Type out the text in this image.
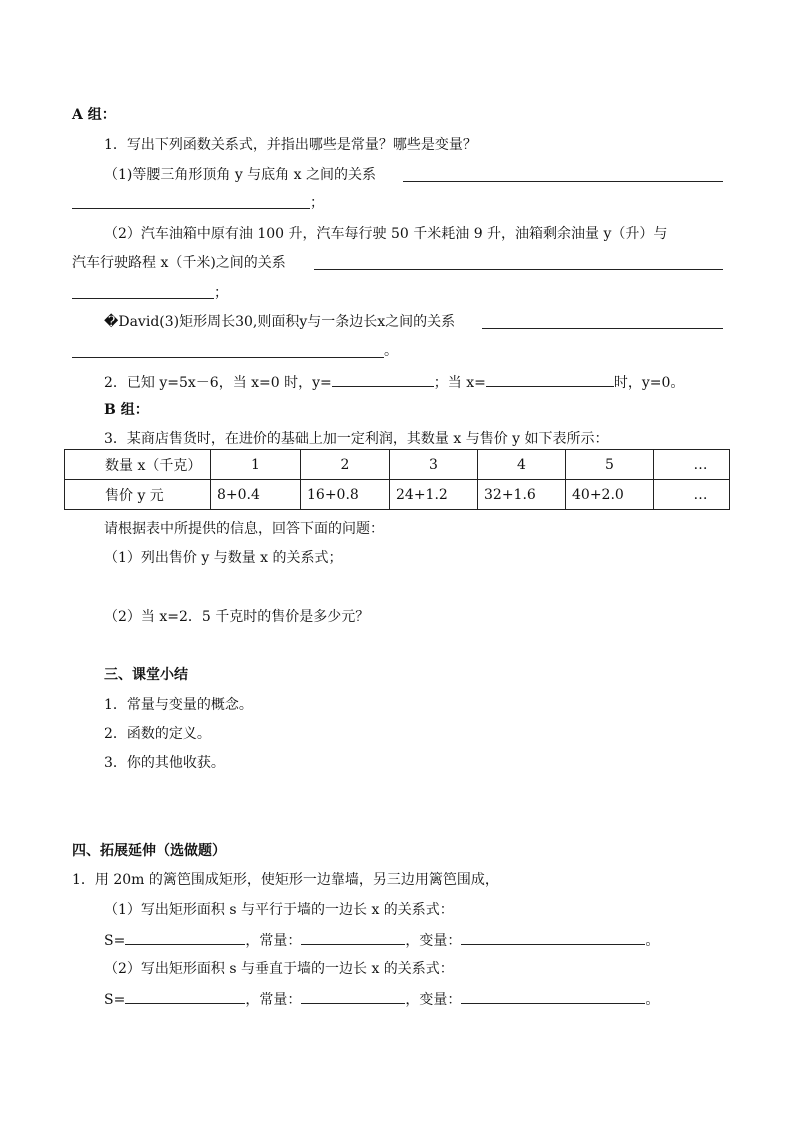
A 组：
1．写出下列函数关系式，并指出哪些是常量？哪些是变量？
（1)等腰三角形顶角 y 与底角 x 之间的关系
；
（2）汽车油箱中原有油 100 升，汽车每行驶 50 千米耗油 9 升，油箱剩余油量 y（升）与
汽车行驶路程 x（千米)之间的关系
；
�David(3)矩形周长30,则面积y与一条边长x之间的关系
。
2．已知 y=5x－6，当 x=0 时，y=	；当 x=	时，y=0。
B 组：
3．某商店售货时，在进价的基础上加一定利润，其数量 x 与售价 y 如下表所示：
数量 x（千克）	1	2	3	4	5	…
售价 y 元	8+0.4	16+0.8	24+1.2	32+1.6	40+2.0	…
请根据表中所提供的信息，回答下面的问题：
（1）列出售价 y 与数量 x 的关系式；
（2）当 x=2．5 千克时的售价是多少元？
三、课堂小结
1．常量与变量的概念。
2．函数的定义。
3．你的其他收获。
四、拓展延伸（选做题）
1．用 20m 的篱笆围成矩形，使矩形一边靠墙，另三边用篱笆围成，
（1）写出矩形面积 s 与平行于墙的一边长 x 的关系式：
S=	，常量：	，变量：	。
（2）写出矩形面积 s 与垂直于墙的一边长 x 的关系式：
S=	，常量：	，变量：	。
